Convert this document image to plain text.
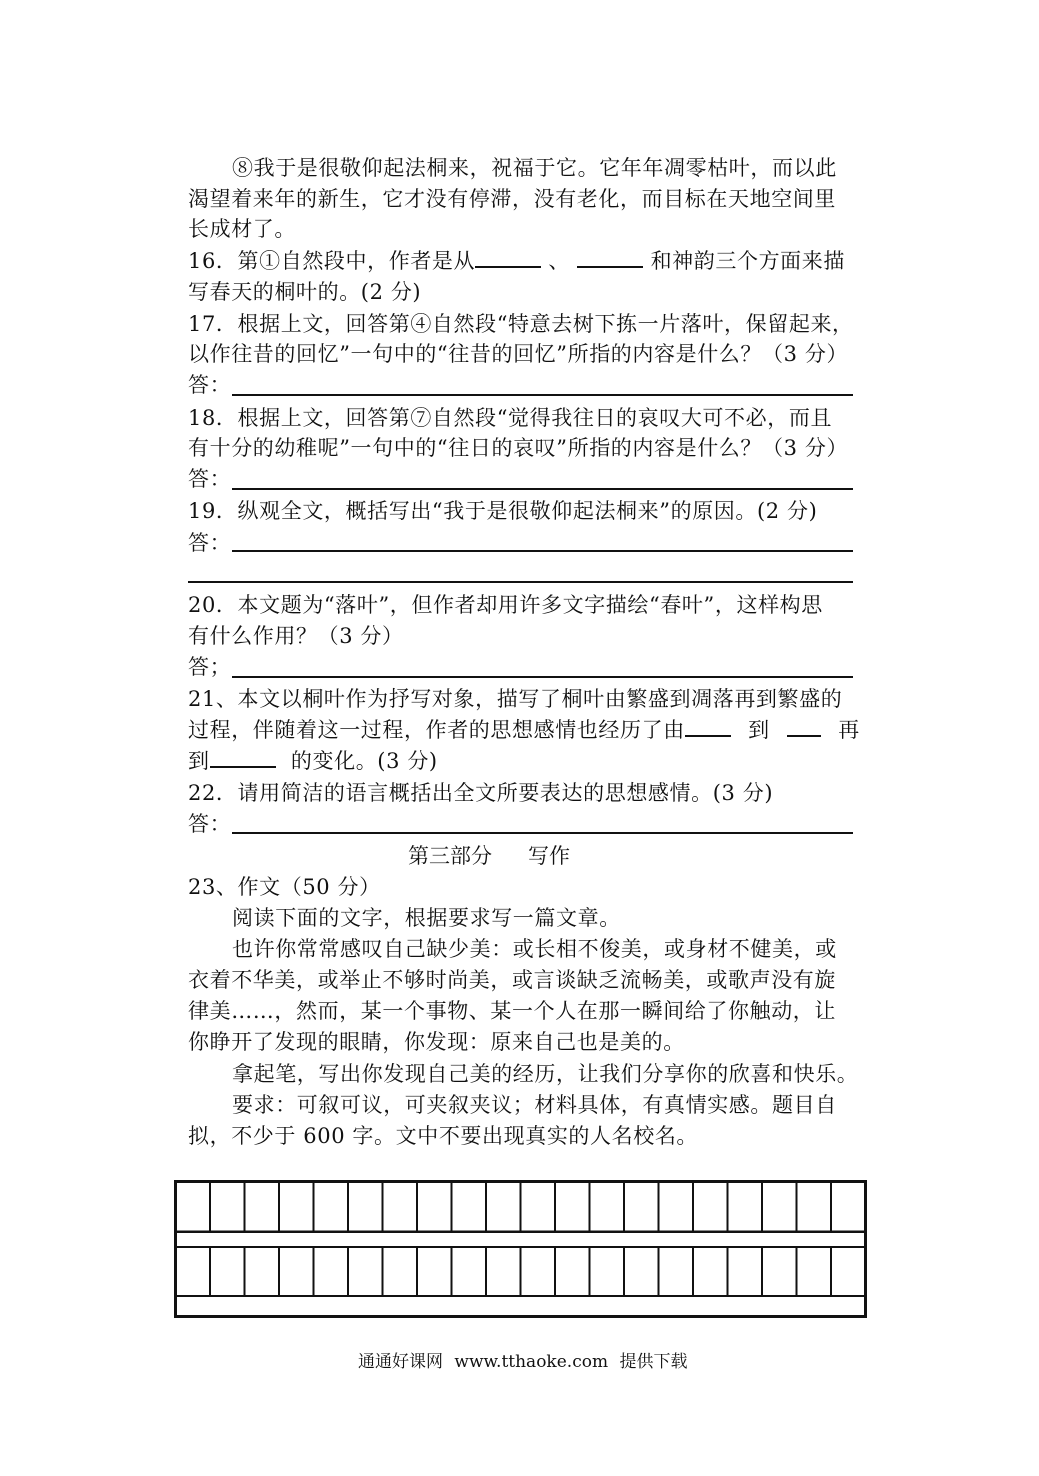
⑧我于是很敬仰起法桐来，祝福于它。它年年凋零枯叶，而以此
渴望着来年的新生，它才没有停滞，没有老化，而目标在天地空间里
长成材了。
16．第①自然段中，作者是从	、	和神韵三个方面来描
写春天的桐叶的。(2 分)
17．根据上文，回答第④自然段“特意去树下拣一片落叶，保留起来，
以作往昔的回忆”一句中的“往昔的回忆”所指的内容是什么？（3 分）
答：
18．根据上文，回答第⑦自然段“觉得我往日的哀叹大可不必，而且
有十分的幼稚呢”一句中的“往日的哀叹”所指的内容是什么？（3 分）
答：
19．纵观全文，概括写出“我于是很敬仰起法桐来”的原因。(2 分)
答：
20．本文题为“落叶”，但作者却用许多文字描绘“春叶”，这样构思
有什么作用？（3 分）
答；
21、本文以桐叶作为抒写对象，描写了桐叶由繁盛到凋落再到繁盛的
过程，伴随着这一过程，作者的思想感情也经历了由	到	再
到	的变化。(3 分)
22．请用简洁的语言概括出全文所要表达的思想感情。(3 分)
答：
第三部分 写作
23、作文（50 分）
阅读下面的文字，根据要求写一篇文章。
也许你常常感叹自己缺少美：或长相不俊美，或身材不健美，或
衣着不华美，或举止不够时尚美，或言谈缺乏流畅美，或歌声没有旋
律美……，然而，某一个事物、某一个人在那一瞬间给了你触动，让
你睁开了发现的眼睛，你发现：原来自己也是美的。
拿起笔，写出你发现自己美的经历，让我们分享你的欣喜和快乐。
要求：可叙可议，可夹叙夹议；材料具体，有真情实感。题目自
拟，不少于 600 字。文中不要出现真实的人名校名。
通通好课网 www.tthaoke.com 提供下载
